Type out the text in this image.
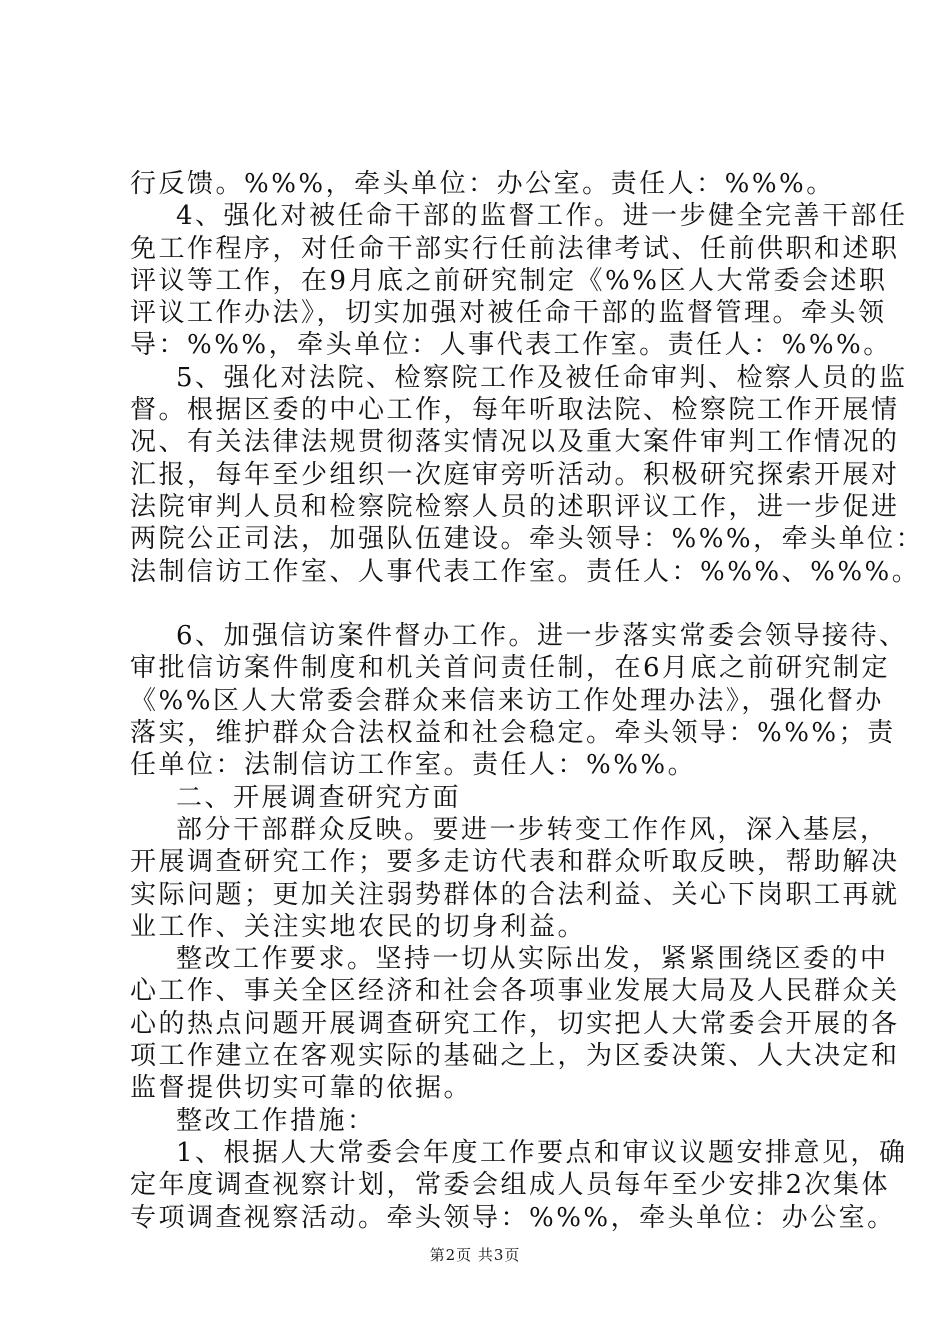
行反馈。%%%，牵头单位：办公室。责任人：%%%。
4、强化对被任命干部的监督工作。进一步健全完善干部任
免工作程序，对任命干部实行任前法律考试、任前供职和述职
评议等工作，在9月底之前研究制定《%%区人大常委会述职
评议工作办法》，切实加强对被任命干部的监督管理。牵头领
导：%%%，牵头单位：人事代表工作室。责任人：%%%。
5、强化对法院、检察院工作及被任命审判、检察人员的监
督。根据区委的中心工作，每年听取法院、检察院工作开展情
况、有关法律法规贯彻落实情况以及重大案件审判工作情况的
汇报，每年至少组织一次庭审旁听活动。积极研究探索开展对
法院审判人员和检察院检察人员的述职评议工作，进一步促进
两院公正司法，加强队伍建设。牵头领导：%%%，牵头单位：
法制信访工作室、人事代表工作室。责任人：%%%、%%%。
6、加强信访案件督办工作。进一步落实常委会领导接待、
审批信访案件制度和机关首问责任制，在6月底之前研究制定
《%%区人大常委会群众来信来访工作处理办法》，强化督办
落实，维护群众合法权益和社会稳定。牵头领导：%%%；责
任单位：法制信访工作室。责任人：%%%。
二、开展调查研究方面
部分干部群众反映。要进一步转变工作作风，深入基层，
开展调查研究工作；要多走访代表和群众听取反映，帮助解决
实际问题；更加关注弱势群体的合法利益、关心下岗职工再就
业工作、关注实地农民的切身利益。
整改工作要求。坚持一切从实际出发，紧紧围绕区委的中
心工作、事关全区经济和社会各项事业发展大局及人民群众关
心的热点问题开展调查研究工作，切实把人大常委会开展的各
项工作建立在客观实际的基础之上，为区委决策、人大决定和
监督提供切实可靠的依据。
整改工作措施：
1、根据人大常委会年度工作要点和审议议题安排意见，确
定年度调查视察计划，常委会组成人员每年至少安排2次集体
专项调查视察活动。牵头领导：%%%，牵头单位：办公室。
第2页 共3页
